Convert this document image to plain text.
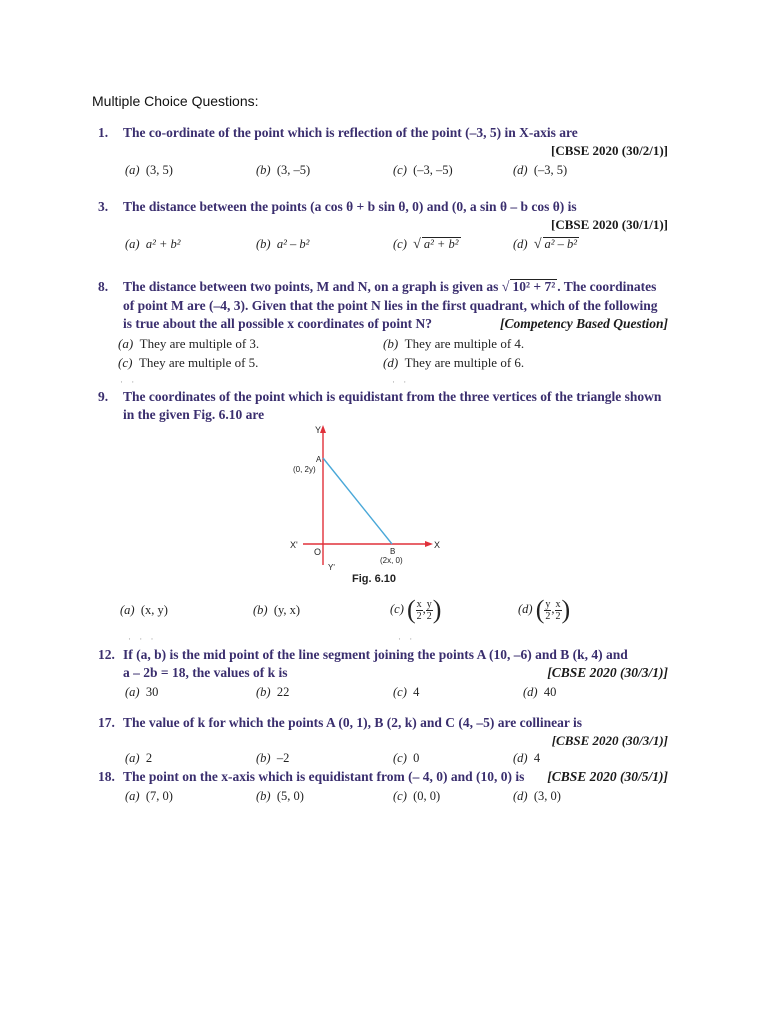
Multiple Choice Questions:
1. The co-ordinate of the point which is reflection of the point (–3, 5) in X-axis are
[CBSE 2020 (30/2/1)]
(a) (3, 5)	(b) (3, –5)	(c) (–3, –5)	(d) (–3, 5)
3. The distance between the points (a cos θ + b sin θ, 0) and (0, a sin θ – b cos θ) is
[CBSE 2020 (30/1/1)]
(a) a² + b²	(b) a² – b²	(c) √ a² + b²	(d) √ a² – b²
8. The distance between two points, M and N, on a graph is given as √ 10² + 7² . The coordinates
of point M are (–4, 3). Given that the point N lies in the first quadrant, which of the following
is true about the all possible x coordinates of point N?	[Competency Based Question]
(a) They are multiple of 3.	(b) They are multiple of 4.
(c) They are multiple of 5.	(d) They are multiple of 6.
· ·	· ·
9. The coordinates of the point which is equidistant from the three vertices of the triangle shown
in the given Fig. 6.10 are
Y
Y'
X
X'
O
A
(0, 2y)
B
(2x, 0)
Fig. 6.10
(a) (x, y)	(b) (y, x)	(c) ( $\frac{x}{2}$ , $\frac{y}{2}$ )	(d) ( $\frac{y}{2}$ , $\frac{x}{2}$ )
· · ·	· ·
12. If (a, b) is the mid point of the line segment joining the points A (10, –6) and B (k, 4) and
a – 2b = 18, the values of k is	[CBSE 2020 (30/3/1)]
(a) 30	(b) 22	(c) 4	(d) 40
17. The value of k for which the points A (0, 1), B (2, k) and C (4, –5) are collinear is
[CBSE 2020 (30/3/1)]
(a) 2	(b) –2	(c) 0	(d) 4
18. The point on the x-axis which is equidistant from (– 4, 0) and (10, 0) is [CBSE 2020 (30/5/1)]
(a) (7, 0)	(b) (5, 0)	(c) (0, 0)	(d) (3, 0)
